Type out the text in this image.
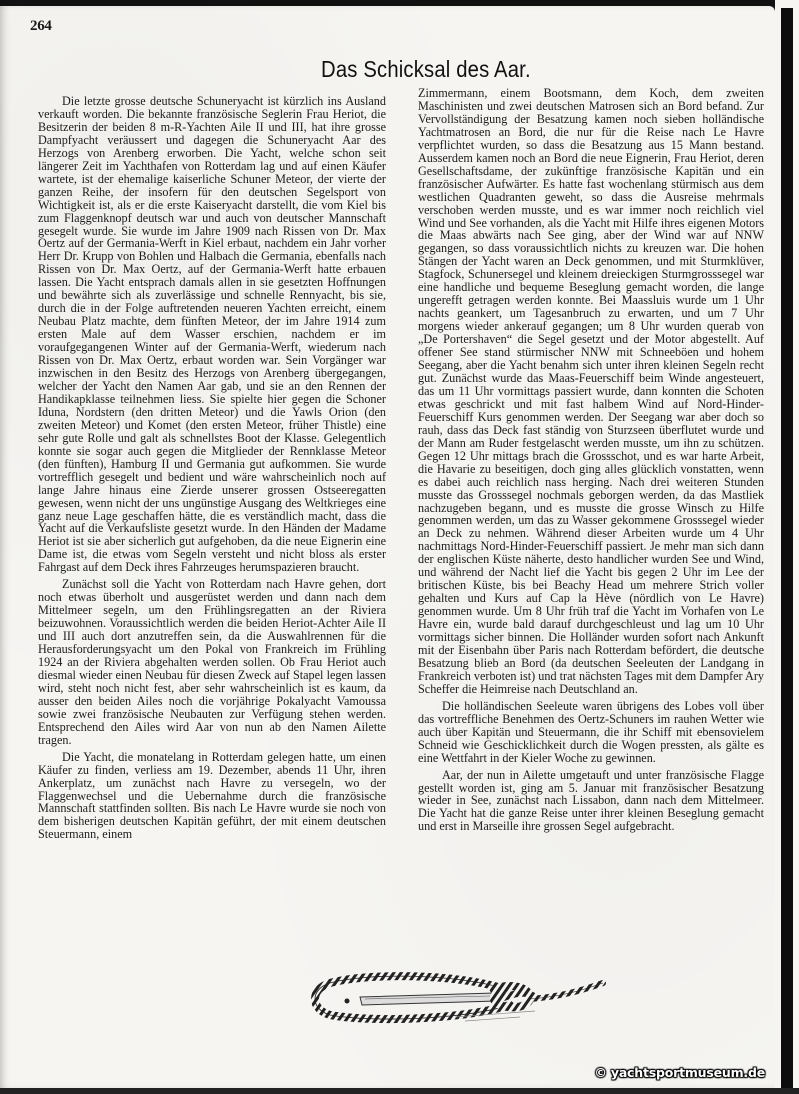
264
Das Schicksal des Aar.

Die letzte grosse deutsche Schuneryacht ist kürzlich ins Ausland verkauft worden. Die bekannte französische Seglerin Frau Heriot, die Besitzerin der beiden 8 m-R-Yachten Aile II und III, hat ihre grosse Dampfyacht veräussert und dagegen die Schuneryacht Aar des Herzogs von Arenberg erworben. Die Yacht, welche schon seit längerer Zeit im Yachthafen von Rotterdam lag und auf einen Käufer wartete, ist der ehemalige kaiserliche Schuner Meteor, der vierte der ganzen Reihe, der insofern für den deutschen Segelsport von Wichtigkeit ist, als er die erste Kaiseryacht darstellt, die vom Kiel bis zum Flaggenknopf deutsch war und auch von deutscher Mannschaft gesegelt wurde. Sie wurde im Jahre 1909 nach Rissen von Dr. Max Oertz auf der Germania-Werft in Kiel erbaut, nachdem ein Jahr vorher Herr Dr. Krupp von Bohlen und Halbach die Germania, ebenfalls nach Rissen von Dr. Max Oertz, auf der Germania-Werft hatte erbauen lassen. Die Yacht entsprach damals allen in sie gesetzten Hoffnungen und bewährte sich als zuverlässige und schnelle Rennyacht, bis sie, durch die in der Folge auftretenden neueren Yachten erreicht, einem Neubau Platz machte, dem fünften Meteor, der im Jahre 1914 zum ersten Male auf dem Wasser erschien, nachdem er im voraufgegangenen Winter auf der Germania-Werft, wiederum nach Rissen von Dr. Max Oertz, erbaut worden war. Sein Vorgänger war inzwischen in den Besitz des Herzogs von Arenberg übergegangen, welcher der Yacht den Namen Aar gab, und sie an den Rennen der Handikapklasse teilnehmen liess. Sie spielte hier gegen die Schoner Iduna, Nordstern (den dritten Meteor) und die Yawls Orion (den zweiten Meteor) und Komet (den ersten Meteor, früher Thistle) eine sehr gute Rolle und galt als schnellstes Boot der Klasse. Gelegentlich konnte sie sogar auch gegen die Mitglieder der Rennklasse Meteor (den fünften), Hamburg II und Germania gut aufkommen. Sie wurde vortrefflich gesegelt und bedient und wäre wahrscheinlich noch auf lange Jahre hinaus eine Zierde unserer grossen Ostseeregatten gewesen, wenn nicht der uns ungünstige Ausgang des Weltkrieges eine ganz neue Lage geschaffen hätte, die es verständlich macht, dass die Yacht auf die Verkaufsliste gesetzt wurde. In den Händen der Madame Heriot ist sie aber sicherlich gut aufgehoben, da die neue Eignerin eine Dame ist, die etwas vom Segeln versteht und nicht bloss als erster Fahrgast auf dem Deck ihres Fahrzeuges herumspazieren braucht.

Zunächst soll die Yacht von Rotterdam nach Havre gehen, dort noch etwas überholt und ausgerüstet werden und dann nach dem Mittelmeer segeln, um den Frühlingsregatten an der Riviera beizuwohnen. Voraussichtlich werden die beiden Heriot-Achter Aile II und III auch dort anzutreffen sein, da die Auswahlrennen für die Herausforderungsyacht um den Pokal von Frankreich im Frühling 1924 an der Riviera abgehalten werden sollen. Ob Frau Heriot auch diesmal wieder einen Neubau für diesen Zweck auf Stapel legen lassen wird, steht noch nicht fest, aber sehr wahrscheinlich ist es kaum, da ausser den beiden Ailes noch die vorjährige Pokalyacht Vamoussa sowie zwei französische Neubauten zur Verfügung stehen werden. Entsprechend den Ailes wird Aar von nun ab den Namen Ailette tragen.

Die Yacht, die monatelang in Rotterdam gelegen hatte, um einen Käufer zu finden, verliess am 19. Dezember, abends 11 Uhr, ihren Ankerplatz, um zunächst nach Havre zu versegeln, wo der Flaggenwechsel und die Uebernahme durch die französische Mannschaft stattfinden sollten. Bis nach Le Havre wurde sie noch von dem bisherigen deutschen Kapitän geführt, der mit einem deutschen Steuermann, einem

Zimmermann, einem Bootsmann, dem Koch, dem zweiten Maschinisten und zwei deutschen Matrosen sich an Bord befand. Zur Vervollständigung der Besatzung kamen noch sieben holländische Yachtmatrosen an Bord, die nur für die Reise nach Le Havre verpflichtet wurden, so dass die Besatzung aus 15 Mann bestand. Ausserdem kamen noch an Bord die neue Eignerin, Frau Heriot, deren Gesellschaftsdame, der zukünftige französische Kapitän und ein französischer Aufwärter. Es hatte fast wochenlang stürmisch aus dem westlichen Quadranten geweht, so dass die Ausreise mehrmals verschoben werden musste, und es war immer noch reichlich viel Wind und See vorhanden, als die Yacht mit Hilfe ihres eigenen Motors die Maas abwärts nach See ging, aber der Wind war auf NNW gegangen, so dass voraussichtlich nichts zu kreuzen war. Die hohen Stängen der Yacht waren an Deck genommen, und mit Sturmklüver, Stagfock, Schunersegel und kleinem dreieckigen Sturmgrosssegel war eine handliche und bequeme Beseglung gemacht worden, die lange ungerefft getragen werden konnte. Bei Maassluis wurde um 1 Uhr nachts geankert, um Tagesanbruch zu erwarten, und um 7 Uhr morgens wieder ankerauf gegangen; um 8 Uhr wurden querab von „De Portershaven“ die Segel gesetzt und der Motor abgestellt. Auf offener See stand stürmischer NNW mit Schneeböen und hohem Seegang, aber die Yacht benahm sich unter ihren kleinen Segeln recht gut. Zunächst wurde das Maas-Feuerschiff beim Winde angesteuert, das um 11 Uhr vormittags passiert wurde, dann konnten die Schoten etwas geschrickt und mit fast halbem Wind auf Nord-Hinder-Feuerschiff Kurs genommen werden. Der Seegang war aber doch so rauh, dass das Deck fast ständig von Sturzseen überflutet wurde und der Mann am Ruder festgelascht werden musste, um ihn zu schützen. Gegen 12 Uhr mittags brach die Grossschot, und es war harte Arbeit, die Havarie zu beseitigen, doch ging alles glücklich vonstatten, wenn es dabei auch reichlich nass herging. Nach drei weiteren Stunden musste das Grosssegel nochmals geborgen werden, da das Mastliek nachzugeben begann, und es musste die grosse Winsch zu Hilfe genommen werden, um das zu Wasser gekommene Grosssegel wieder an Deck zu nehmen. Während dieser Arbeiten wurde um 4 Uhr nachmittags Nord-Hinder-Feuerschiff passiert. Je mehr man sich dann der englischen Küste näherte, desto handlicher wurden See und Wind, und während der Nacht lief die Yacht bis gegen 2 Uhr im Lee der britischen Küste, bis bei Beachy Head um mehrere Strich voller gehalten und Kurs auf Cap la Hève (nördlich von Le Havre) genommen wurde. Um 8 Uhr früh traf die Yacht im Vorhafen von Le Havre ein, wurde bald darauf durchgeschleust und lag um 10 Uhr vormittags sicher binnen. Die Holländer wurden sofort nach Ankunft mit der Eisenbahn über Paris nach Rotterdam befördert, die deutsche Besatzung blieb an Bord (da deutschen Seeleuten der Landgang in Frankreich verboten ist) und trat nächsten Tages mit dem Dampfer Ary Scheffer die Heimreise nach Deutschland an.

Die holländischen Seeleute waren übrigens des Lobes voll über das vortreffliche Benehmen des Oertz-Schuners im rauhen Wetter wie auch über Kapitän und Steuermann, die ihr Schiff mit ebensovielem Schneid wie Geschicklichkeit durch die Wogen pressten, als gälte es eine Wettfahrt in der Kieler Woche zu gewinnen.

Aar, der nun in Ailette umgetauft und unter französische Flagge gestellt worden ist, ging am 5. Januar mit französischer Besatzung wieder in See, zunächst nach Lissabon, dann nach dem Mittelmeer. Die Yacht hat die ganze Reise unter ihrer kleinen Beseglung gemacht und erst in Marseille ihre grossen Segel aufgebracht.

© yachtsportmuseum.de
